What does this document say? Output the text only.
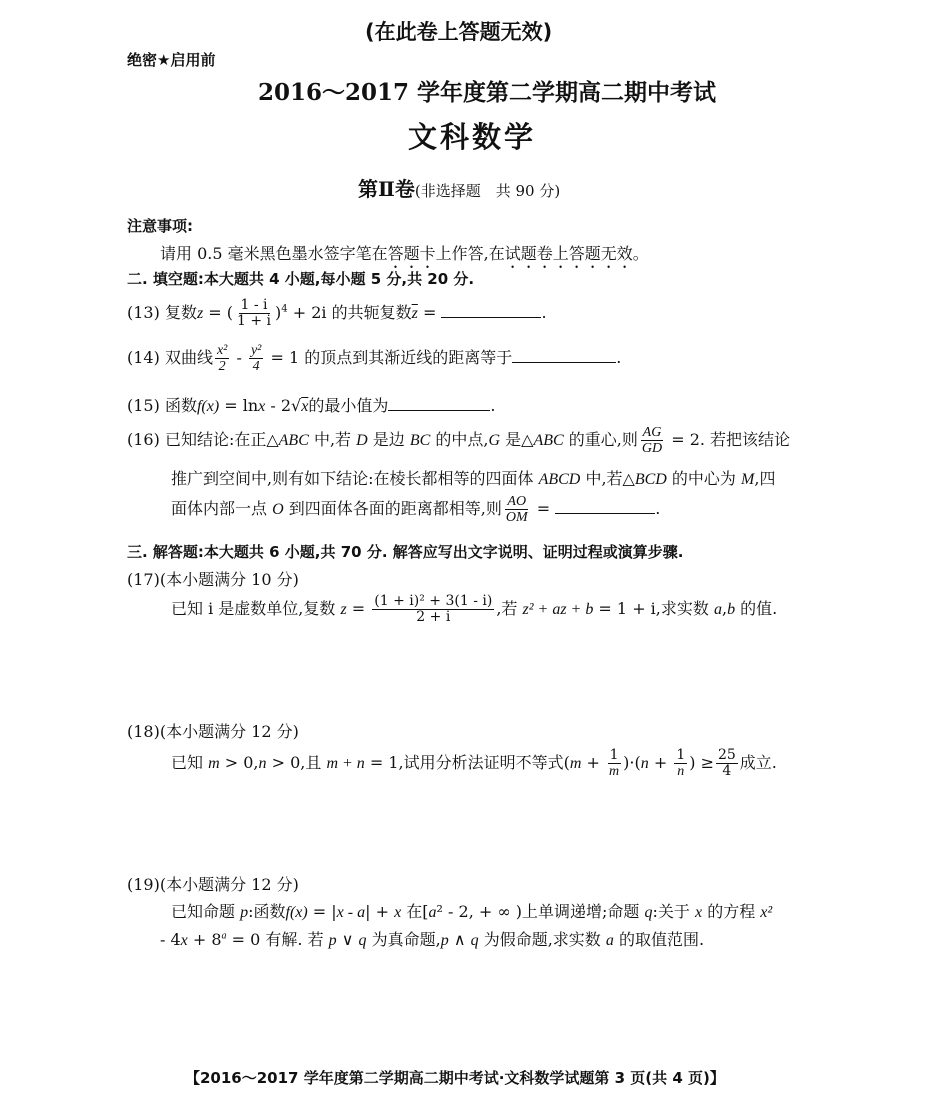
(在此卷上答题无效)
绝密★启用前
2016～2017 学年度第二学期高二期中考试
文科数学
第Ⅱ卷(非选择题　共 90 分)
注意事项:
请用 0.5 毫米黑色墨水签字笔在答题卡上作答,在试题卷上答题无效。
二. 填空题:本大题共 4 小题,每小题 5 分,共 20 分.
(13) 复数z = ( $\frac{1 - i}{1 + i} )^4 + 2i$ 的共轭复数$\overline{z}$ =	.
(14) 双曲线 $\frac{\text{x²}}{2} - \frac{\text{y²}}{4} = 1$ 的顶点到其渐近线的距离等于	.
(15) 函数f(x) = lnx - 2√x的最小值为	.
(16) 已知结论:在正△ABC 中,若 D 是边 BC 的中点,G 是△ABC 的重心,则 $\frac{AG}{GD} = 2$. 若把该结论
推广到空间中,则有如下结论:在棱长都相等的四面体 ABCD 中,若△BCD 的中心为 M,四
面体内部一点 O 到四面体各面的距离都相等,则 $\frac{AO}{OM}$ =	.
三. 解答题:本大题共 6 小题,共 70 分. 解答应写出文字说明、证明过程或演算步骤.
(17)(本小题满分 10 分)
已知 i 是虚数单位,复数 $z = \frac{\text{(1 + i)² + 3(1 - i)}}{2 + i}$ ,若 z² + az + b = 1 + i,求实数 a,b 的值.
(18)(本小题满分 12 分)
已知 m > 0,n > 0,且 m + n = 1,试用分析法证明不等式$(m + \frac{1}{m} )\cdot(n + \frac{1}{n}$ ) ≥ $\frac{25}{4}$ 成立.
(19)(本小题满分 12 分)
已知命题 p:函数f(x) = |x - a| + x 在[a² - 2, + ∞ )上单调递增;命题 q:关于 x 的方程 x²
- $4x + 8^a = 0$ 有解. 若 p ∨ q 为真命题,p ∧ q 为假命题,求实数 a 的取值范围.
【2016～2017 学年度第二学期高二期中考试·文科数学试题第 3 页(共 4 页)】
